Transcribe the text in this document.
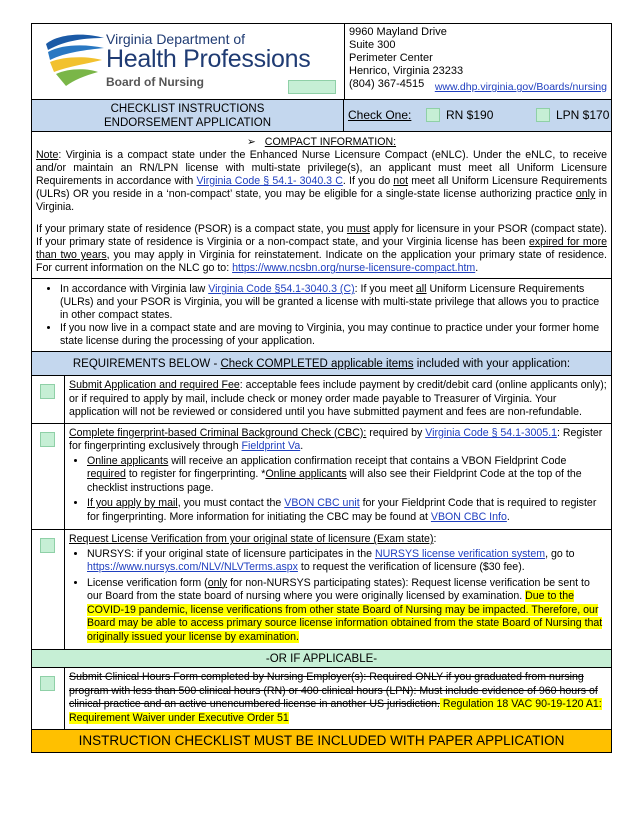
Virginia Department of
Health Professions
Board of Nursing
9960 Mayland Drive
Suite 300
Perimeter Center
Henrico, Virginia 23233
(804) 367-4515	www.dhp.virginia.gov/Boards/nursing
CHECKLIST INSTRUCTIONS
ENDORSEMENT APPLICATION
Check One:	RN $190	LPN $170
➢ COMPACT INFORMATION:
Note: Virginia is a compact state under the Enhanced Nurse Licensure Compact (eNLC). Under the eNLC, to receive and/or maintain an RN/LPN license with multi-state privilege(s), an applicant must meet all Uniform Licensure Requirements in accordance with Virginia Code § 54.1- 3040.3 C. If you do not meet all Uniform Licensure Requirements (ULRs) OR you reside in a ‘non-compact’ state, you may be eligible for a single-state license authorizing practice only in Virginia.
If your primary state of residence (PSOR) is a compact state, you must apply for licensure in your PSOR (compact state). If your primary state of residence is Virginia or a non-compact state, and your Virginia license has been expired for more than two years, you may apply in Virginia for reinstatement. Indicate on the application your primary state of residence. For current information on the NLC go to: https://www.ncsbn.org/nurse-licensure-compact.htm.
• In accordance with Virginia law Virginia Code §54.1-3040.3 (C): If you meet all Uniform Licensure Requirements (ULRs) and your PSOR is Virginia, you will be granted a license with multi-state privilege that allows you to practice in other compact states.
• If you now live in a compact state and are moving to Virginia, you may continue to practice under your former home state license during the processing of your application.
REQUIREMENTS BELOW - Check COMPLETED applicable items included with your application:
Submit Application and required Fee: acceptable fees include payment by credit/debit card (online applicants only); or if required to apply by mail, include check or money order made payable to Treasurer of Virginia. Your application will not be reviewed or considered until you have submitted payment and fees are non-refundable.
Complete fingerprint-based Criminal Background Check (CBC): required by Virginia Code § 54.1-3005.1: Register for fingerprinting exclusively through Fieldprint Va.
• Online applicants will receive an application confirmation receipt that contains a VBON Fieldprint Code required to register for fingerprinting. *Online applicants will also see their Fieldprint Code at the top of the checklist instructions page.
• If you apply by mail, you must contact the VBON CBC unit for your Fieldprint Code that is required to register for fingerprinting. More information for initiating the CBC may be found at VBON CBC Info.
Request License Verification from your original state of licensure (Exam state):
• NURSYS: if your original state of licensure participates in the NURSYS license verification system, go to https://www.nursys.com/NLV/NLVTerms.aspx to request the verification of licensure ($30 fee).
• License verification form (only for non-NURSYS participating states): Request license verification be sent to our Board from the state board of nursing where you were originally licensed by examination. Due to the COVID-19 pandemic, license verifications from other state Board of Nursing may be impacted. Therefore, our Board may be able to access primary source license information obtained from the state Board of Nursing that originally issued your license by examination.
-OR IF APPLICABLE-
Submit Clinical Hours Form completed by Nursing Employer(s): Required ONLY if you graduated from nursing program with less than 500 clinical hours (RN) or 400 clinical hours (LPN): Must include evidence of 960 hours of clinical practice and an active unencumbered license in another US jurisdiction. Regulation 18 VAC 90-19-120 A1: Requirement Waiver under Executive Order 51
INSTRUCTION CHECKLIST MUST BE INCLUDED WITH PAPER APPLICATION
